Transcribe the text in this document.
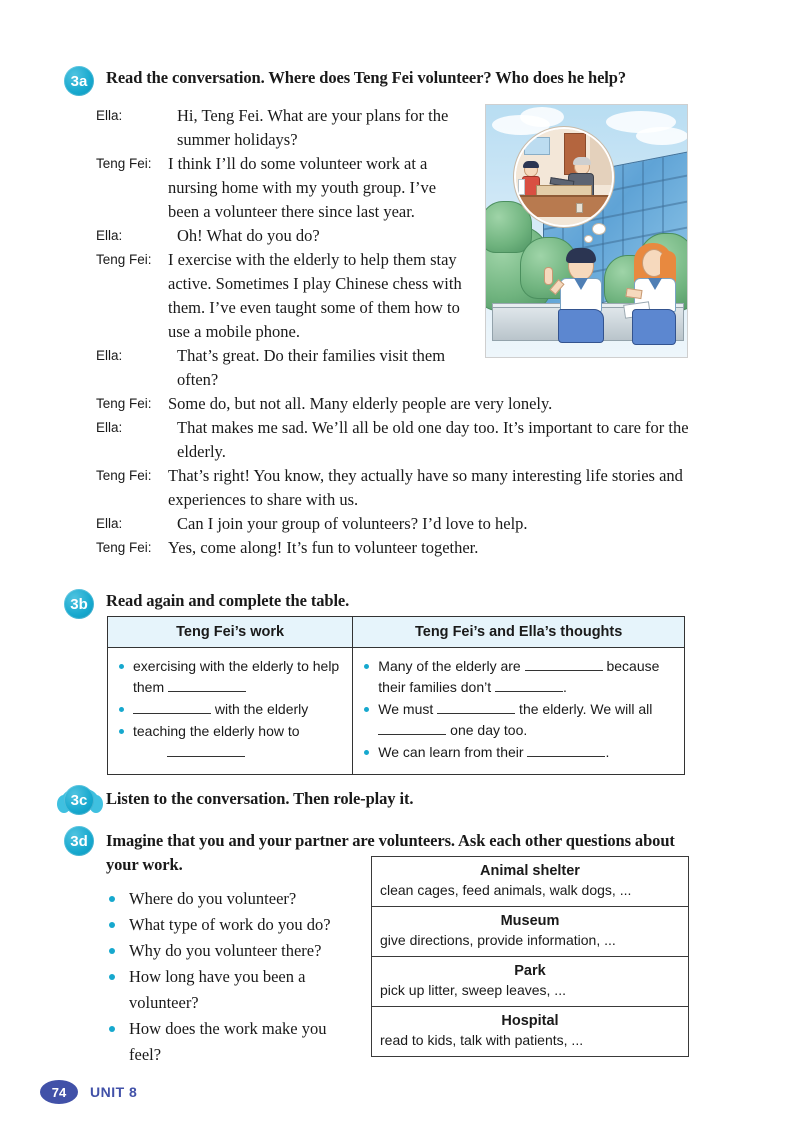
3a	Read the conversation. Where does Teng Fei volunteer? Who does he help?
Ella:	Hi, Teng Fei. What are your plans for the summer holidays?
Teng Fei: I think I’ll do some volunteer work at a nursing home with my youth group. I’ve been a volunteer there since last year.
Ella:	Oh! What do you do?
Teng Fei: I exercise with the elderly to help them stay active. Sometimes I play Chinese chess with them. I’ve even taught some of them how to use a mobile phone.
Ella:	That’s great. Do their families visit them often?
Teng Fei: Some do, but not all. Many elderly people are very lonely.
Ella:	That makes me sad. We’ll all be old one day too. It’s important to care for the elderly.
Teng Fei: That’s right! You know, they actually have so many interesting life stories and experiences to share with us.
Ella:	Can I join your group of volunteers? I’d love to help.
Teng Fei: Yes, come along! It’s fun to volunteer together.
3b	Read again and complete the table.
Teng Fei’s work	Teng Fei’s and Ella’s thoughts

exercising with the elderly to help them
with the elderly
teaching the elderly how to

Many of the elderly are	because their families don’t	.
We must	the elderly. We will all  one day too.
We can learn from their	.
3c	Listen to the conversation. Then role-play it.
3d	Imagine that you and your partner are volunteers. Ask each other questions about your work.
Where do you volunteer?
What type of work do you do?
Why do you volunteer there?
How long have you been a volunteer?
How does the work make you feel?
Animal shelter
clean cages, feed animals, walk dogs, ...
Museum
give directions, provide information, ...
Park
pick up litter, sweep leaves, ...
Hospital
read to kids, talk with patients, ...
74	UNIT 8
